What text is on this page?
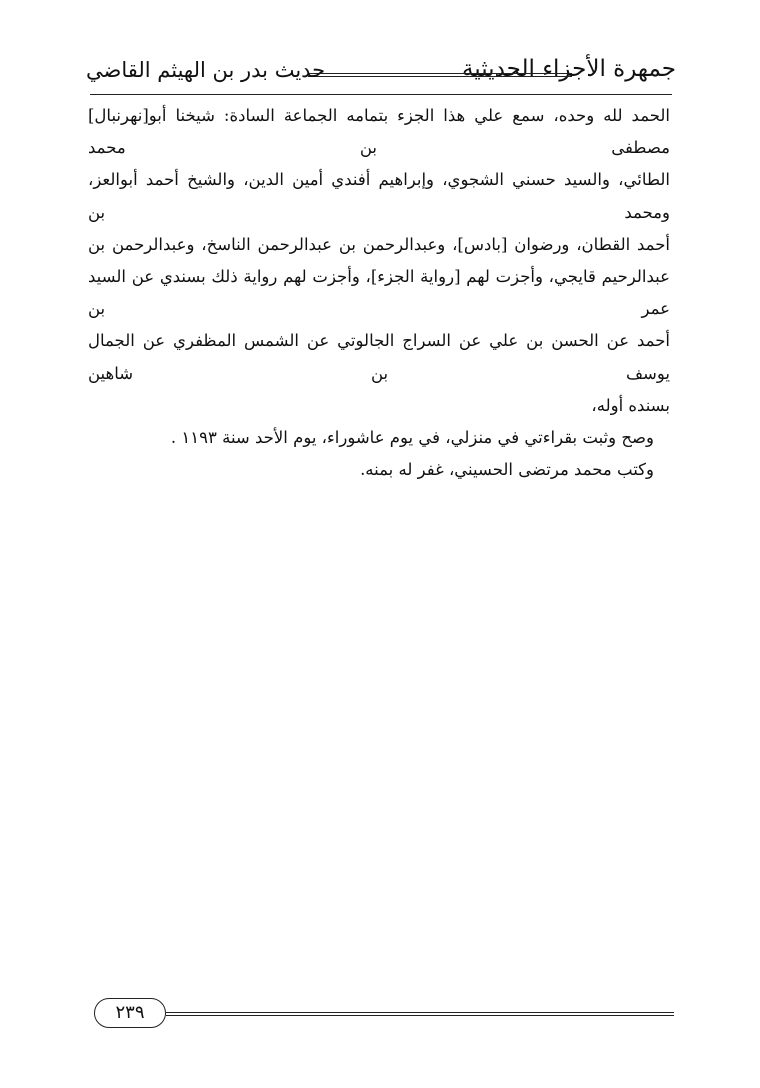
جمهرة الأجزاء الحديثية
حديث بدر بن الهيثم القاضي

الحمد لله وحده، سمع علي هذا الجزء بتمامه الجماعة السادة: شيخنا أبو[نهرنبال] مصطفى بن محمد

الطائي، والسيد حسني الشجوي، وإبراهيم أفندي أمين الدين، والشيخ أحمد أبوالعز، ومحمد بن

أحمد القطان، ورضوان [بادس]، وعبدالرحمن بن عبدالرحمن الناسخ، وعبدالرحمن بن

عبدالرحيم قايجي، وأجزت لهم [رواية الجزء]، وأجزت لهم رواية ذلك بسندي عن السيد عمر بن

أحمد عن الحسن بن علي عن السراج الجالوتي عن الشمس المظفري عن الجمال يوسف بن شاهين

بسنده أوله،

وصح وثبت بقراءتي في منزلي، في يوم عاشوراء، يوم الأحد سنة ١١٩٣ .

وكتب محمد مرتضى الحسيني، غفر له بمنه.

٢٣٩
